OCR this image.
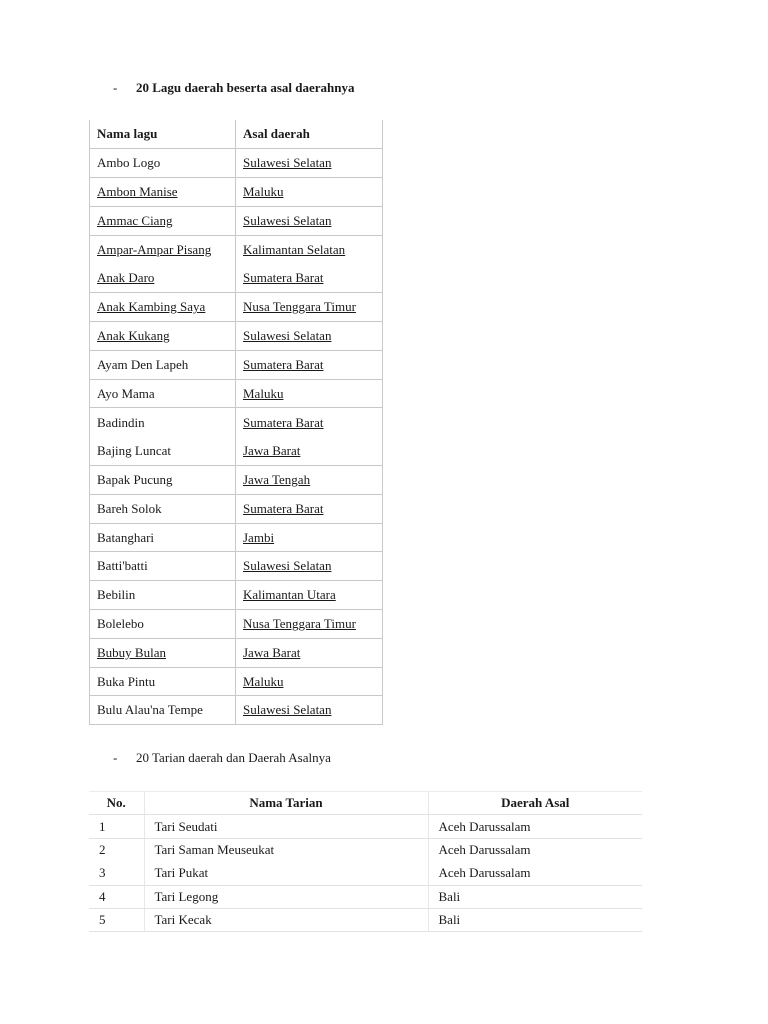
- 20 Lagu daerah beserta asal daerahnya
Nama lagu	Asal daerah
Ambo Logo	Sulawesi Selatan
Ambon Manise	Maluku
Ammac Ciang	Sulawesi Selatan
Ampar-Ampar Pisang	Kalimantan Selatan
Anak Daro	Sumatera Barat
Anak Kambing Saya	Nusa Tenggara Timur
Anak Kukang	Sulawesi Selatan
Ayam Den Lapeh	Sumatera Barat
Ayo Mama	Maluku
Badindin	Sumatera Barat
Bajing Luncat	Jawa Barat
Bapak Pucung	Jawa Tengah
Bareh Solok	Sumatera Barat
Batanghari	Jambi
Batti'batti	Sulawesi Selatan
Bebilin	Kalimantan Utara
Bolelebo	Nusa Tenggara Timur
Bubuy Bulan	Jawa Barat
Buka Pintu	Maluku
Bulu Alau'na Tempe	Sulawesi Selatan
- 20 Tarian daerah dan Daerah Asalnya
No.	Nama Tarian	Daerah Asal
1	Tari Seudati	Aceh Darussalam
2	Tari Saman Meuseukat	Aceh Darussalam
3	Tari Pukat	Aceh Darussalam
4	Tari Legong	Bali
5	Tari Kecak	Bali
